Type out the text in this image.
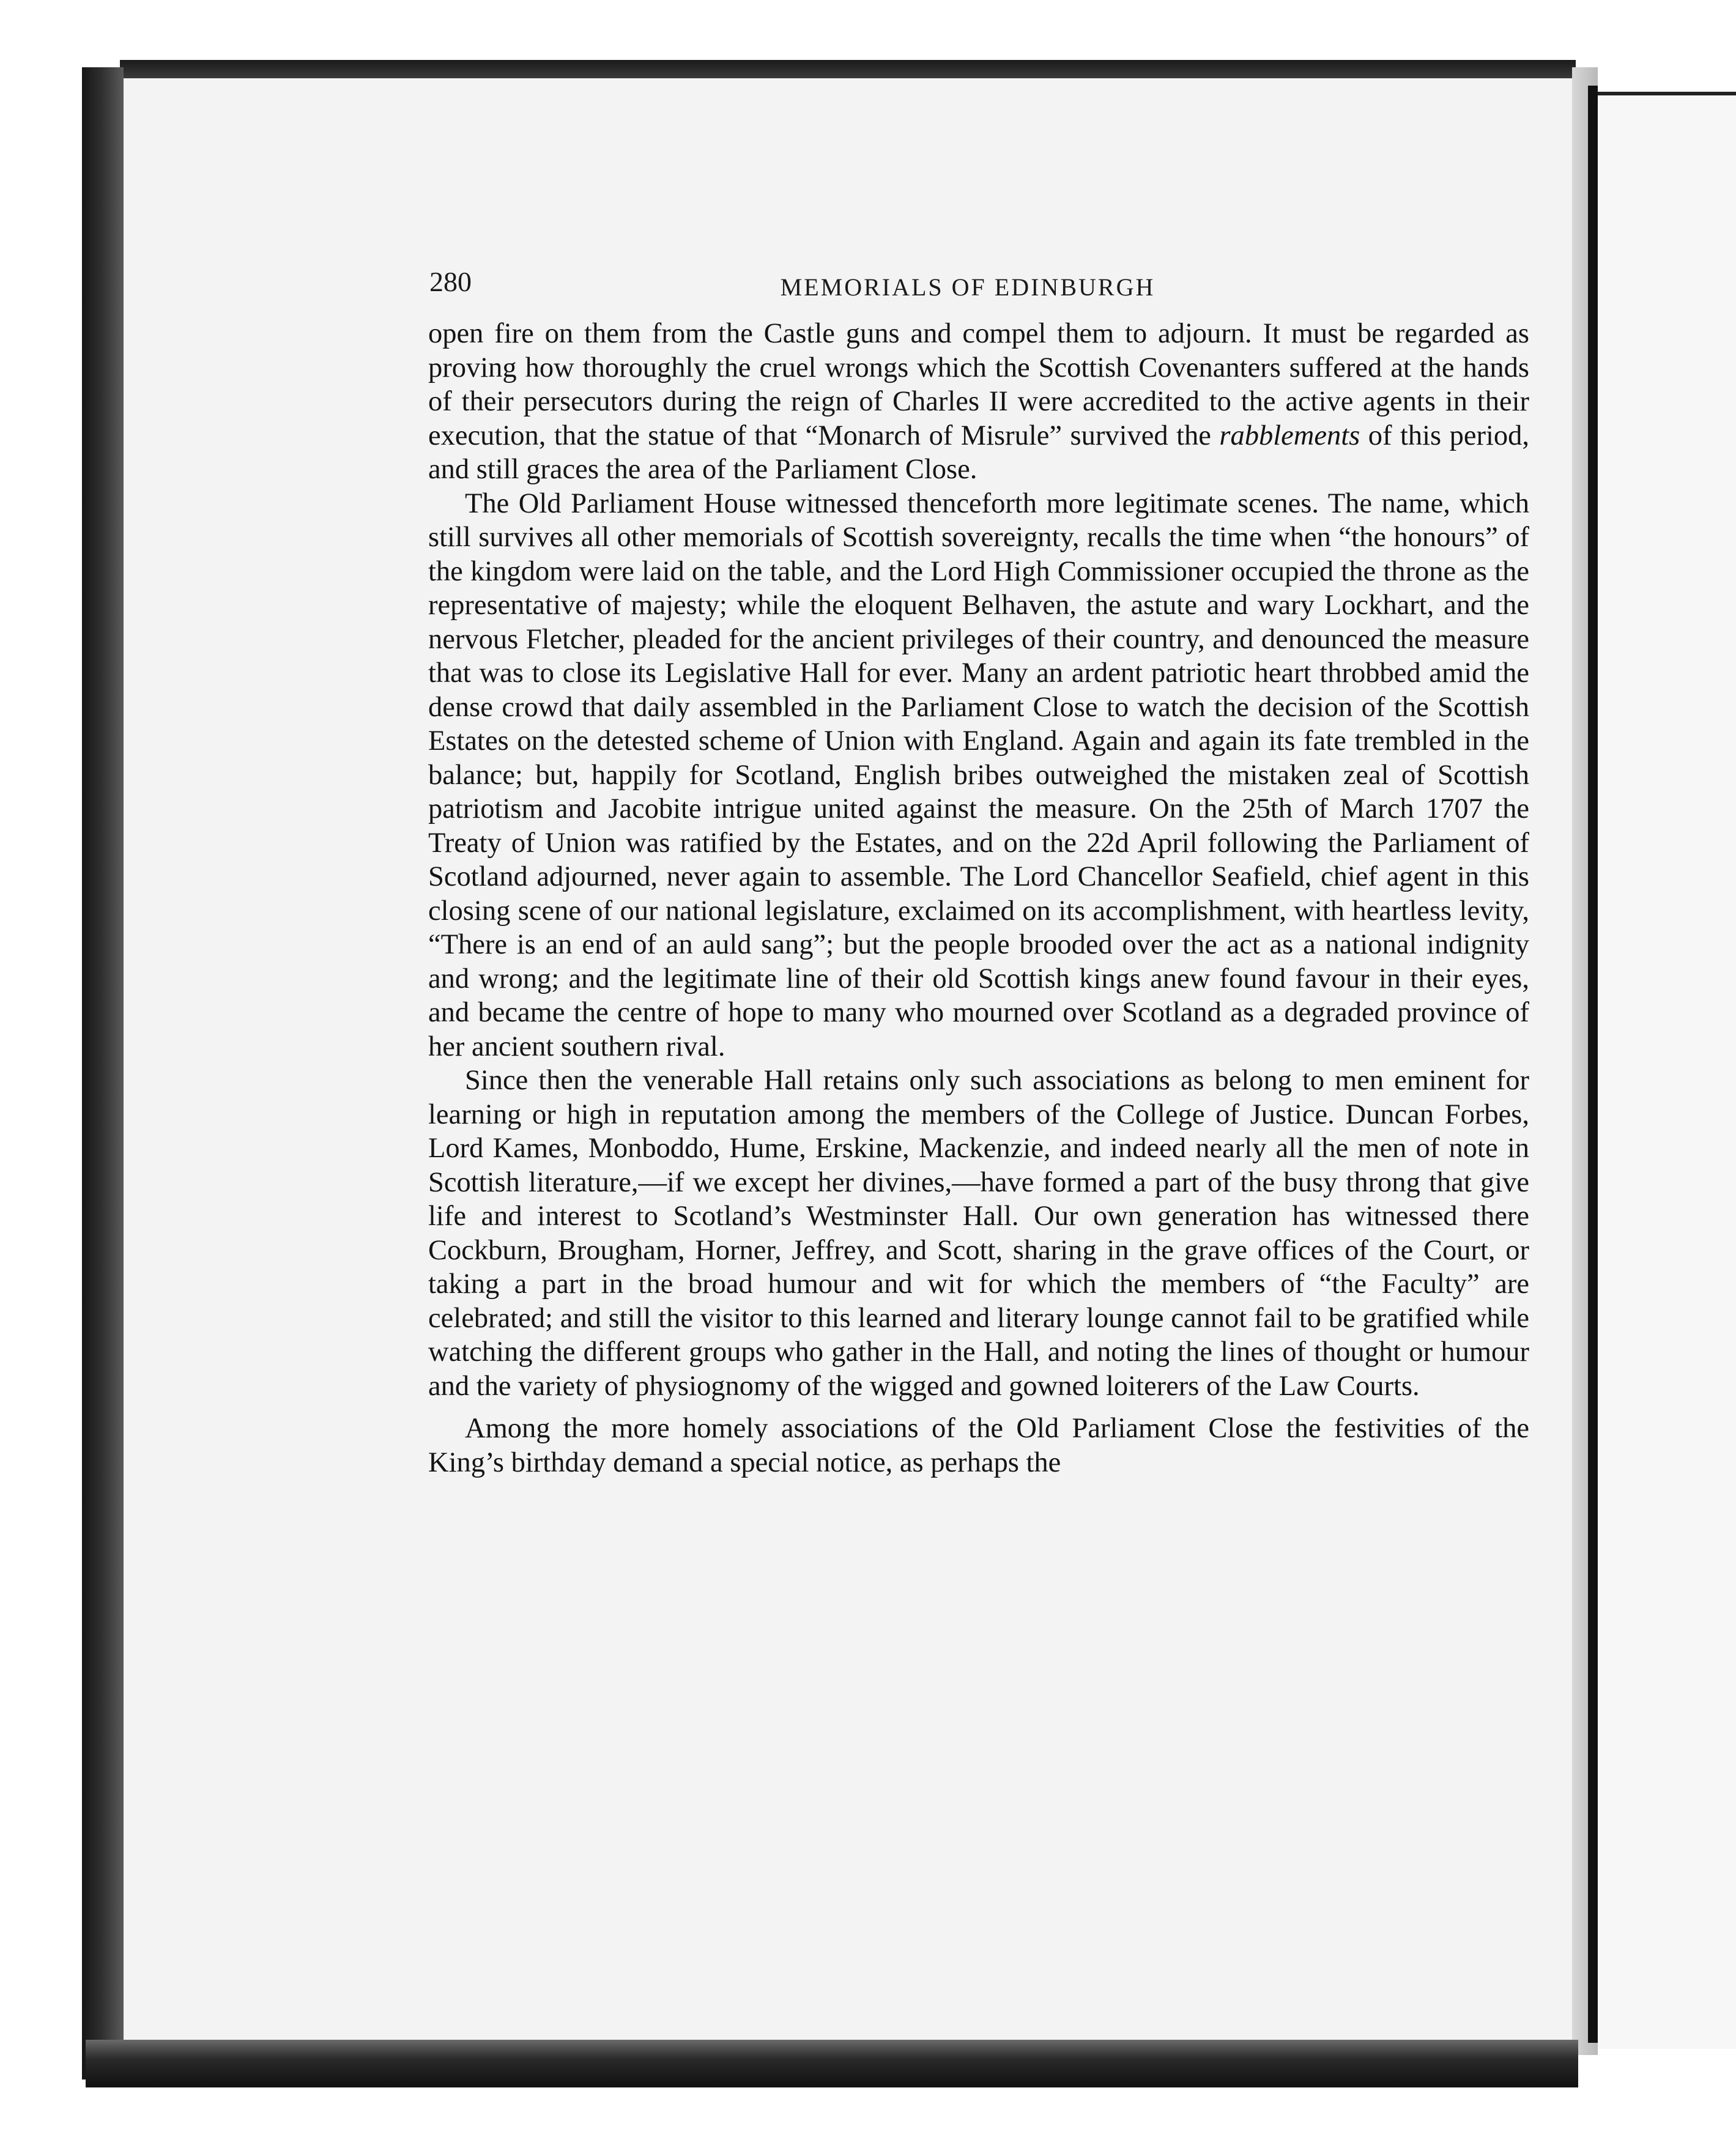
280	MEMORIALS OF EDINBURGH

open fire on them from the Castle guns and compel them to adjourn. It must be regarded as proving how thoroughly the cruel wrongs which the Scottish Covenanters suffered at the hands of their persecutors during the reign of Charles II were accredited to the active agents in their execution, that the statue of that “Monarch of Misrule” survived the rabblements of this period, and still graces the area of the Parliament Close.

The Old Parliament House witnessed thenceforth more legitimate scenes. The name, which still survives all other memorials of Scottish sovereignty, recalls the time when “the honours” of the kingdom were laid on the table, and the Lord High Commissioner occupied the throne as the representative of majesty; while the eloquent Belhaven, the astute and wary Lockhart, and the nervous Fletcher, pleaded for the ancient privileges of their country, and denounced the measure that was to close its Legislative Hall for ever. Many an ardent patriotic heart throbbed amid the dense crowd that daily assembled in the Parliament Close to watch the decision of the Scottish Estates on the detested scheme of Union with England. Again and again its fate trembled in the balance; but, happily for Scotland, English bribes outweighed the mistaken zeal of Scottish patriotism and Jacobite intrigue united against the measure. On the 25th of March 1707 the Treaty of Union was ratified by the Estates, and on the 22d April following the Parliament of Scotland adjourned, never again to assemble. The Lord Chancellor Seafield, chief agent in this closing scene of our national legislature, exclaimed on its accomplishment, with heartless levity, “There is an end of an auld sang”; but the people brooded over the act as a national indignity and wrong; and the legitimate line of their old Scottish kings anew found favour in their eyes, and became the centre of hope to many who mourned over Scotland as a degraded province of her ancient southern rival.

Since then the venerable Hall retains only such associations as belong to men eminent for learning or high in reputation among the members of the College of Justice. Duncan Forbes, Lord Kames, Monboddo, Hume, Erskine, Mackenzie, and indeed nearly all the men of note in Scottish literature,—if we except her divines,—have formed a part of the busy throng that give life and interest to Scotland’s Westminster Hall. Our own generation has witnessed there Cockburn, Brougham, Horner, Jeffrey, and Scott, sharing in the grave offices of the Court, or taking a part in the broad humour and wit for which the members of “the Faculty” are celebrated; and still the visitor to this learned and literary lounge cannot fail to be gratified while watching the different groups who gather in the Hall, and noting the lines of thought or humour and the variety of physiognomy of the wigged and gowned loiterers of the Law Courts.

Among the more homely associations of the Old Parliament Close the festivities of the King’s birthday demand a special notice, as perhaps the
